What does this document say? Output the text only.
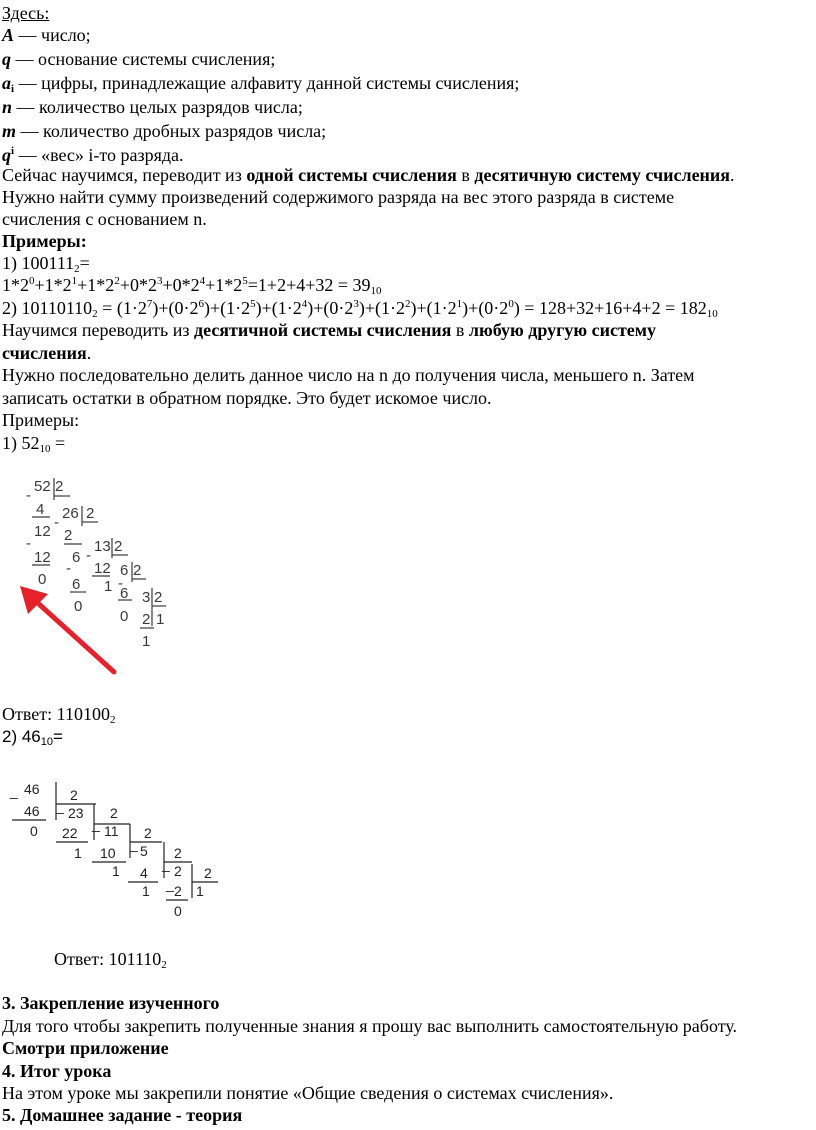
Здесь:
A — число;
q — основание системы счисления;
$a_i$ — цифры, принадлежащие алфавиту данной системы счисления;
n — количество целых разрядов числа;
m — количество дробных разрядов числа;
$q^i$ — «вес» i-то разряда.
Сейчас научимся, переводит из одной системы счисления в десятичную систему счисления.
Нужно найти сумму произведений содержимого разряда на вес этого разряда в системе
счисления с основанием n.
Примеры:
1) $100111_2=$
$1*2^0+1*2^1+1*2^2+0*2^3+0*2^4+1*2^5=1+2+4+32 = 39_{10}$
2) $10110110_2 = (1\cdot 2^7)+(0\cdot 2^6)+(1\cdot 2^5)+(1\cdot 2^4)+(0\cdot 2^3)+(1\cdot 2^2)+(1\cdot 2^1)+(0\cdot 2^0) = 128+32+16+4+2 = 182_{10}$
Научимся переводить из десятичной системы счисления в любую другую систему
счисления.
Нужно последовательно делить данное число на n до получения числа, меньшего n. Затем
записать остатки в обратном порядке. Это будет искомое число.
Примеры:
1) $52_{10}$ =
52 2
-
4 26 2
12
-
2
-	13 2
12 6 -
12 6 2
0
-
6 1 -
6 3 2
0
0 2 1
1
Ответ: $110100_2$
2) $46_{10}=$
_ 46 2
46 _ 23 2
0 22
_ 11 2
1 10
_ 5 2
1 4
_ 2 2
1 _ 2 1
0
Ответ: $101110_2$
3. Закрепление изученного
Для того чтобы закрепить полученные знания я прошу вас выполнить самостоятельную работу.
Смотри приложение
4. Итог урока
На этом уроке мы закрепили понятие «Общие сведения о системах счисления».
5. Домашнее задание - теория
